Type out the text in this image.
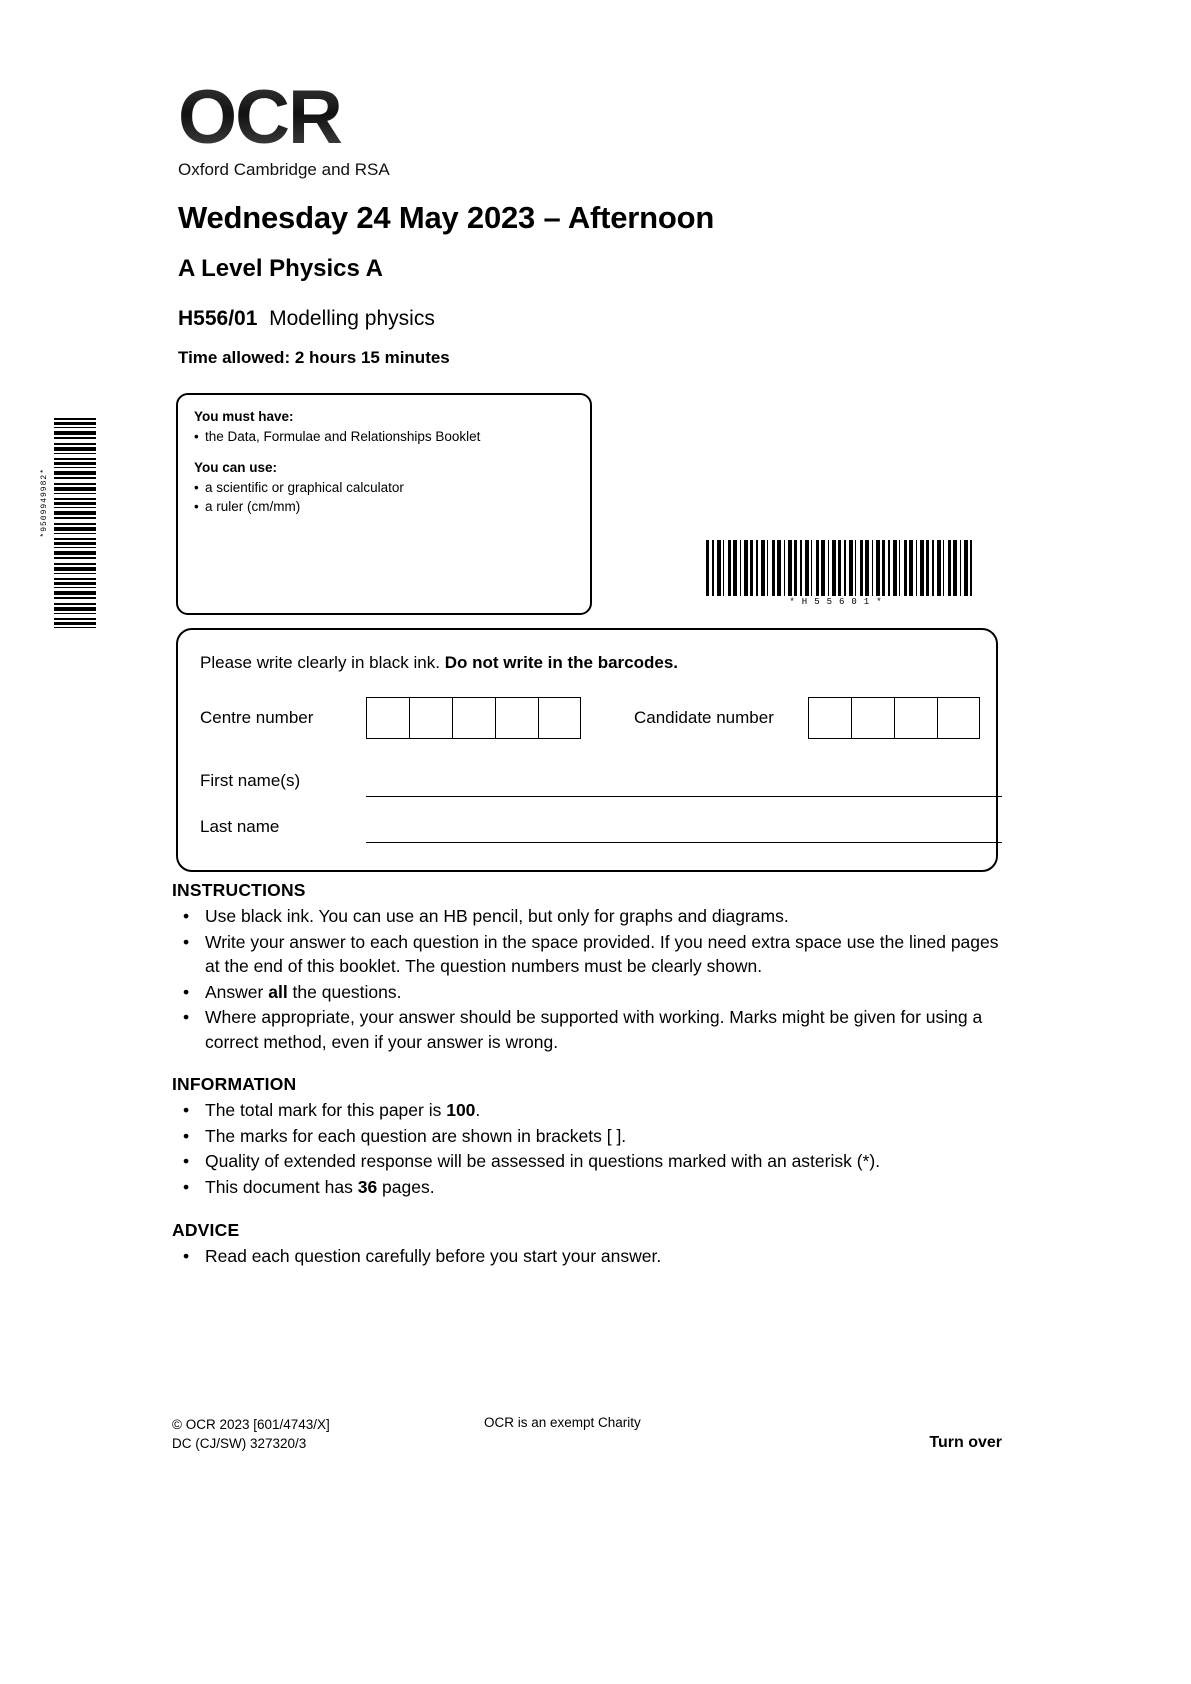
*9509949982*
OCR
Oxford Cambridge and RSA
Wednesday 24 May 2023 – Afternoon
A Level Physics A
H556/01 Modelling physics
Time allowed: 2 hours 15 minutes
You must have:
• the Data, Formulae and Relationships Booklet
You can use:
• a scientific or graphical calculator
• a ruler (cm/mm)
*H55601*
Please write clearly in black ink. Do not write in the barcodes.
Centre number	Candidate number
First name(s)
Last name
INSTRUCTIONS
• Use black ink. You can use an HB pencil, but only for graphs and diagrams.
• Write your answer to each question in the space provided. If you need extra space use the lined pages at the end of this booklet. The question numbers must be clearly shown.
• Answer all the questions.
• Where appropriate, your answer should be supported with working. Marks might be given for using a correct method, even if your answer is wrong.
INFORMATION
• The total mark for this paper is 100.
• The marks for each question are shown in brackets [ ].
• Quality of extended response will be assessed in questions marked with an asterisk (*).
• This document has 36 pages.
ADVICE
• Read each question carefully before you start your answer.
© OCR 2023 [601/4743/X]
DC (CJ/SW) 327320/3
OCR is an exempt Charity
Turn over
